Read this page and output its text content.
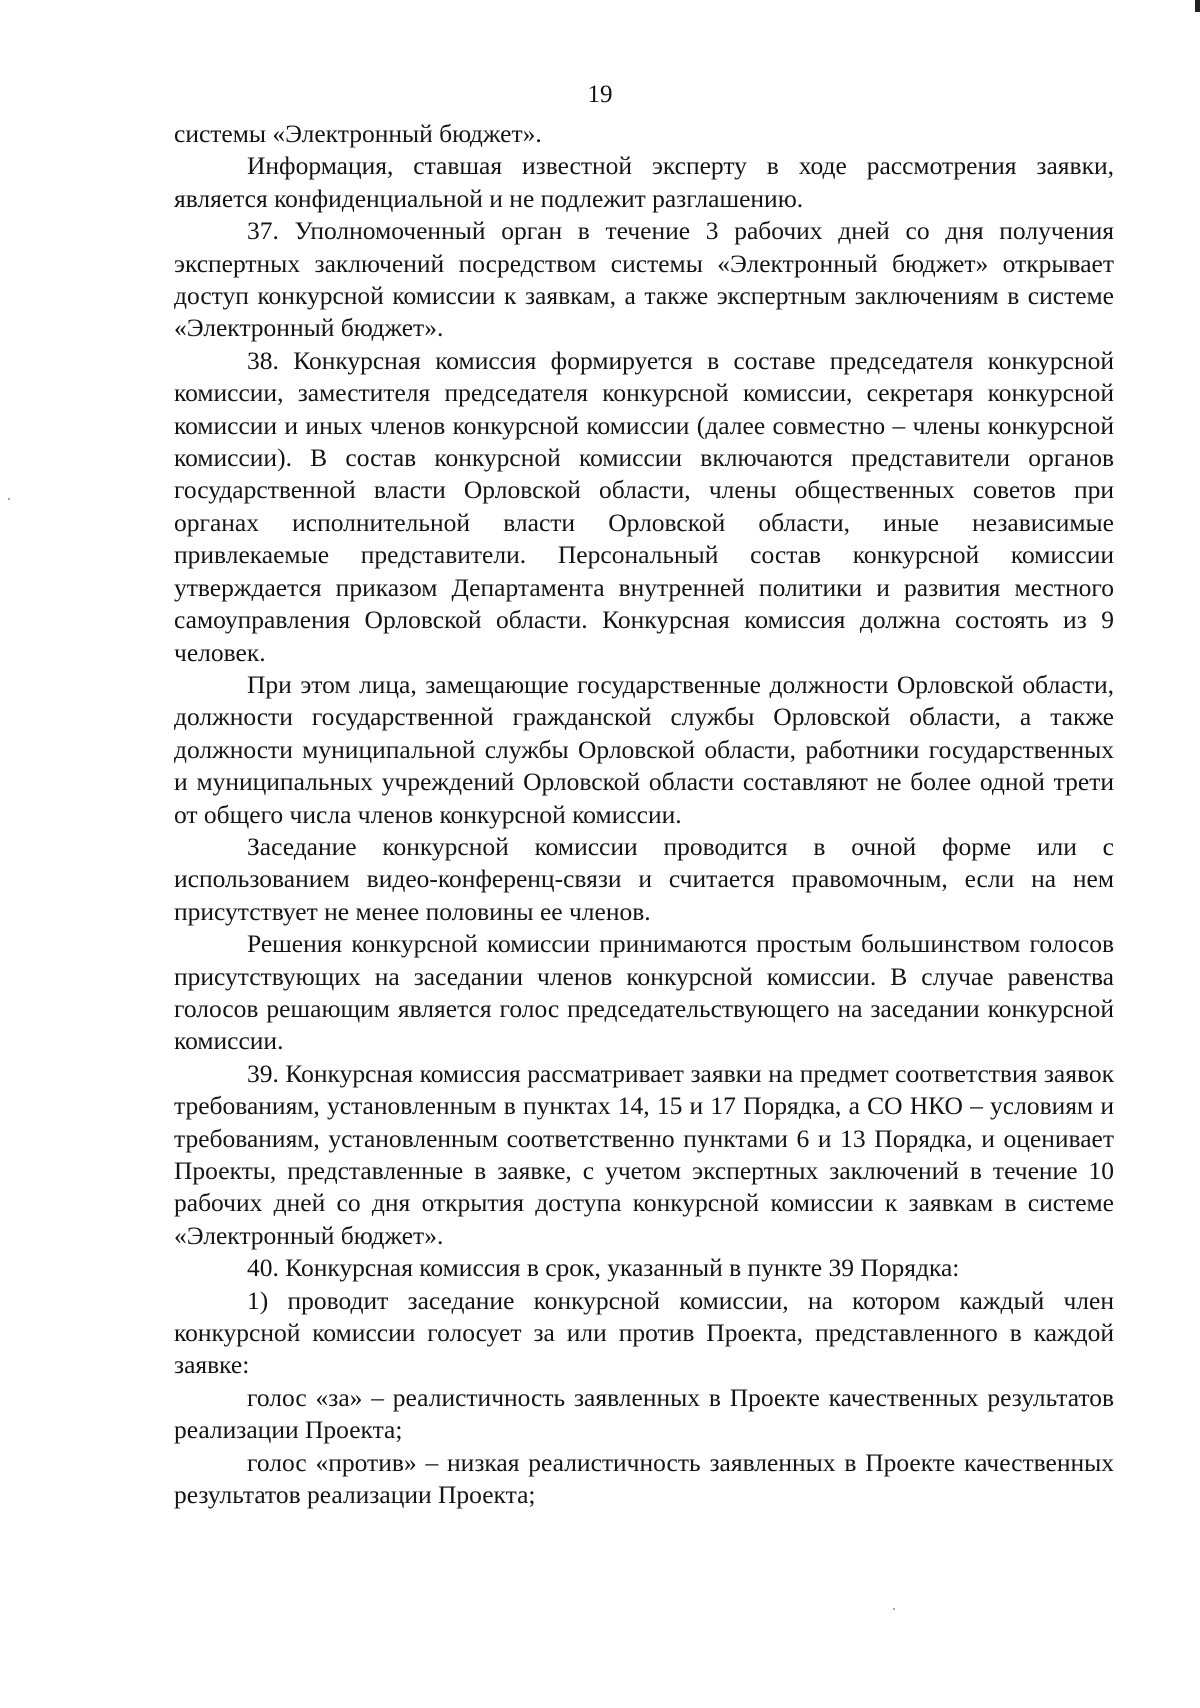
19

системы «Электронный бюджет».

Информация, ставшая известной эксперту в ходе рассмотрения заявки, является конфиденциальной и не подлежит разглашению.

37. Уполномоченный орган в течение 3 рабочих дней со дня получения экспертных заключений посредством системы «Электронный бюджет» открывает доступ конкурсной комиссии к заявкам, а также экспертным заключениям в системе «Электронный бюджет».

38. Конкурсная комиссия формируется в составе председателя конкурсной комиссии, заместителя председателя конкурсной комиссии, секретаря конкурсной комиссии и иных членов конкурсной комиссии (далее совместно – члены конкурсной комиссии). В состав конкурсной комиссии включаются представители органов государственной власти Орловской области, члены общественных советов при органах исполнительной власти Орловской области, иные независимые привлекаемые представители. Персональный состав конкурсной комиссии утверждается приказом Департамента внутренней политики и развития местного самоуправления Орловской области. Конкурсная комиссия должна состоять из 9 человек.

При этом лица, замещающие государственные должности Орловской области, должности государственной гражданской службы Орловской области, а также должности муниципальной службы Орловской области, работники государственных и муниципальных учреждений Орловской области составляют не более одной трети от общего числа членов конкурсной комиссии.

Заседание конкурсной комиссии проводится в очной форме или с использованием видео-конференц-связи и считается правомочным, если на нем присутствует не менее половины ее членов.

Решения конкурсной комиссии принимаются простым большинством голосов присутствующих на заседании членов конкурсной комиссии. В случае равенства голосов решающим является голос председательствующего на заседании конкурсной комиссии.

39. Конкурсная комиссия рассматривает заявки на предмет соответствия заявок требованиям, установленным в пунктах 14, 15 и 17 Порядка, а СО НКО – условиям и требованиям, установленным соответственно пунктами 6 и 13 Порядка, и оценивает Проекты, представленные в заявке, с учетом экспертных заключений в течение 10 рабочих дней со дня открытия доступа конкурсной комиссии к заявкам в системе «Электронный бюджет».

40. Конкурсная комиссия в срок, указанный в пункте 39 Порядка:

1) проводит заседание конкурсной комиссии, на котором каждый член конкурсной комиссии голосует за или против Проекта, представленного в каждой заявке:

голос «за» – реалистичность заявленных в Проекте качественных результатов реализации Проекта;

голос «против» – низкая реалистичность заявленных в Проекте качественных результатов реализации Проекта;
